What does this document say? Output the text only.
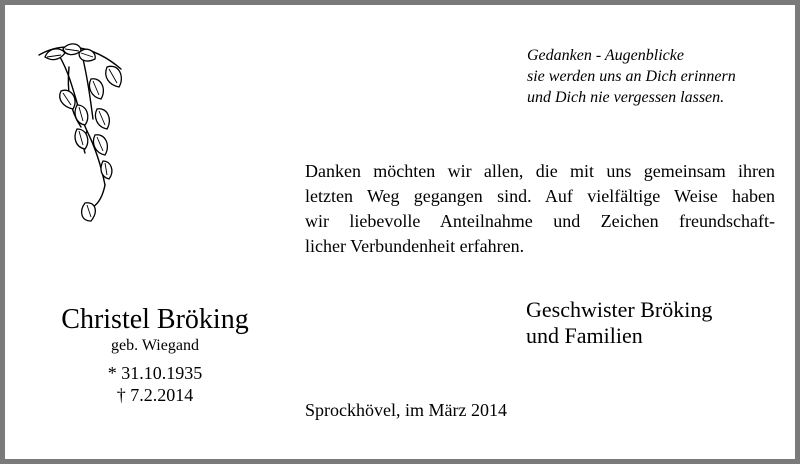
Gedanken - Augenblicke
sie werden uns an Dich erinnern
und Dich nie vergessen lassen.
Danken möchten wir allen, die mit uns gemeinsam ihren
letzten Weg gegangen sind. Auf vielfältige Weise haben
wir liebevolle Anteilnahme und Zeichen freundschaft-
licher Verbundenheit erfahren.
Christel Bröking
geb. Wiegand
* 31.10.1935
† 7.2.2014
Geschwister Bröking
und Familien
Sprockhövel, im März 2014
